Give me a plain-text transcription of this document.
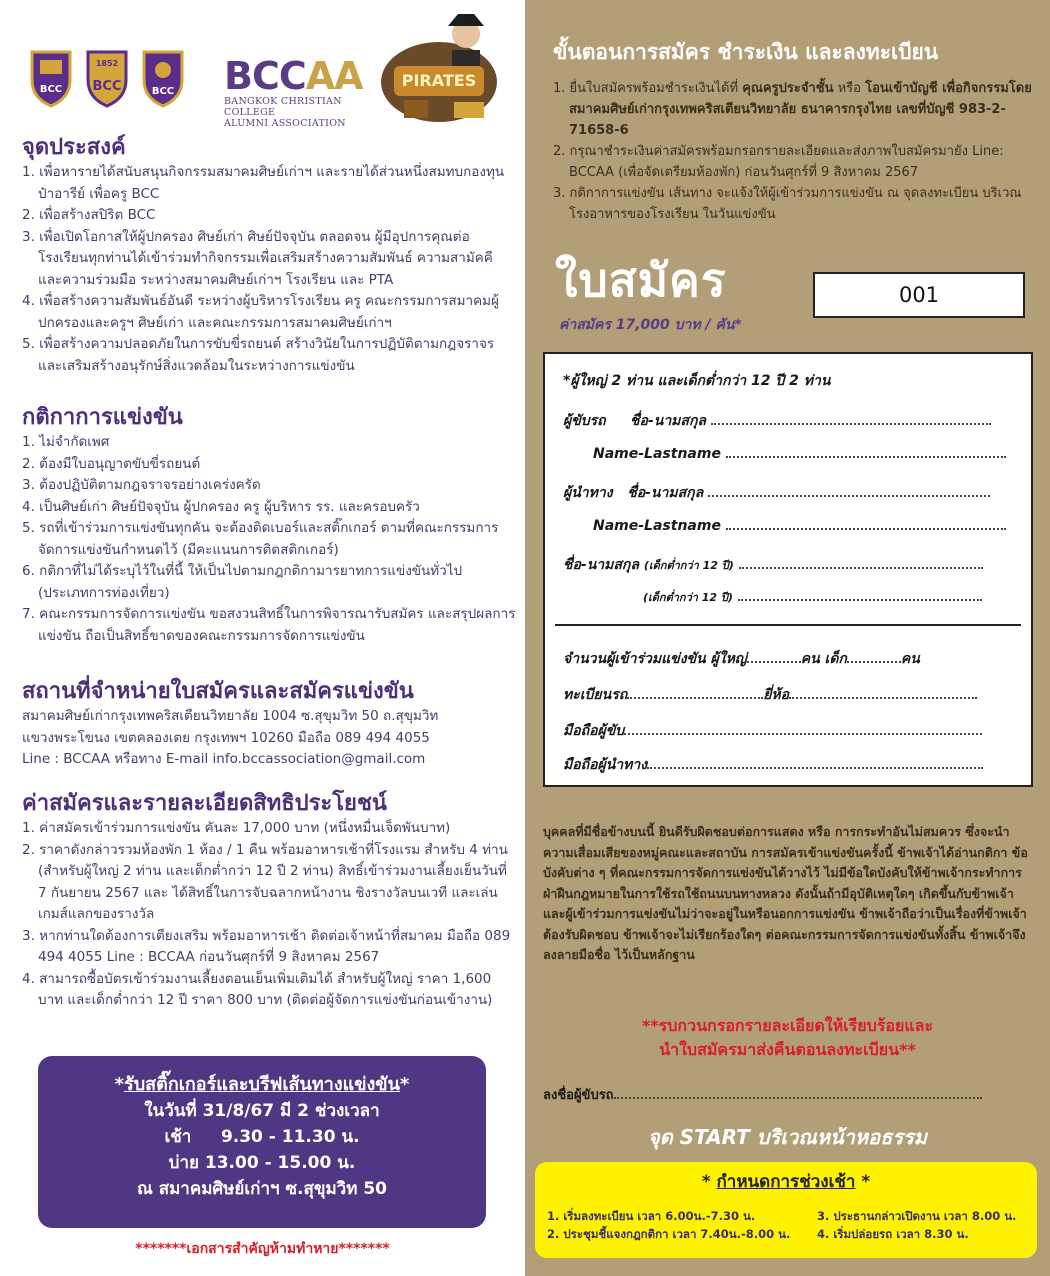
BCC
1852
BCC	BCC BCCAA
BANGKOK CHRISTIAN COLLEGE
ALUMNI ASSOCIATION
PIRATES
จุดประสงค์
1. เพื่อหารายได้สนับสนุนกิจกรรมสมาคมศิษย์เก่าฯ และรายได้ส่วนหนึ่งสมทบกองทุนป๋าอารีย์ เพื่อครู BCC
2. เพื่อสร้างสปิริต BCC
3. เพื่อเปิดโอกาสให้ผู้ปกครอง ศิษย์เก่า ศิษย์ปัจจุบัน ตลอดจน ผู้มีอุปการคุณต่อโรงเรียนทุกท่านได้เข้าร่วมทำกิจกรรมเพื่อเสริมสร้างความสัมพันธ์ ความสามัคคี และความร่วมมือ ระหว่างสมาคมศิษย์เก่าฯ โรงเรียน และ PTA
4. เพื่อสร้างความสัมพันธ์อันดี ระหว่างผู้บริหารโรงเรียน ครู คณะกรรมการสมาคมผู้ปกครองและครูฯ ศิษย์เก่า และคณะกรรมการสมาคมศิษย์เก่าฯ
5. เพื่อสร้างความปลอดภัยในการขับขี่รถยนต์ สร้างวินัยในการปฏิบัติตามกฎจราจรและเสริมสร้างอนุรักษ์สิ่งแวดล้อมในระหว่างการแข่งขัน
กติกาการแข่งขัน
1. ไม่จำกัดเพศ
2. ต้องมีใบอนุญาตขับขี่รถยนต์
3. ต้องปฏิบัติตามกฎจราจรอย่างเคร่งครัด
4. เป็นศิษย์เก่า ศิษย์ปัจจุบัน ผู้ปกครอง ครู ผู้บริหาร รร. และครอบครัว
5. รถที่เข้าร่วมการแข่งขันทุกคัน จะต้องติดเบอร์และสติ๊กเกอร์ ตามที่คณะกรรมการจัดการแข่งขันกำหนดไว้ (มีคะแนนการติดสติกเกอร์)
6. กติกาที่ไม่ได้ระบุไว้ในที่นี้ ให้เป็นไปตามกฎกติกามารยาทการแข่งขันทั่วไป (ประเภทการท่องเที่ยว)
7. คณะกรรมการจัดการแข่งขัน ขอสงวนสิทธิ์ในการพิจารณารับสมัคร และสรุปผลการแข่งขัน ถือเป็นสิทธิ์ขาดของคณะกรรมการจัดการแข่งขัน
สถานที่จำหน่ายใบสมัครและสมัครแข่งขัน
สมาคมศิษย์เก่ากรุงเทพคริสเตียนวิทยาลัย 1004 ซ.สุขุมวิท 50 ถ.สุขุมวิท
แขวงพระโขนง เขตคลองเตย กรุงเทพฯ 10260 มือถือ 089 494 4055
Line : BCCAA หรือทาง E-mail info.bccassociation@gmail.com
ค่าสมัครและรายละเอียดสิทธิประโยชน์
1. ค่าสมัครเข้าร่วมการแข่งขัน คันละ 17,000 บาท (หนึ่งหมื่นเจ็ดพันบาท)
2. ราคาดังกล่าวรวมห้องพัก 1 ห้อง / 1 คืน พร้อมอาหารเช้าที่โรงแรม สำหรับ 4 ท่าน (สำหรับผู้ใหญ่ 2 ท่าน และเด็กต่ำกว่า 12 ปี 2 ท่าน) สิทธิ์เข้าร่วมงานเลี้ยงเย็นวันที่ 7 กันยายน 2567 และ ได้สิทธิ์ในการจับฉลากหน้างาน ชิงรางวัลบนเวที และเล่นเกมส์แลกของรางวัล
3. หากท่านใดต้องการเตียงเสริม พร้อมอาหารเช้า ติดต่อเจ้าหน้าที่สมาคม มือถือ 089 494 4055 Line : BCCAA ก่อนวันศุกร์ที่ 9 สิงหาคม 2567
4. สามารถซื้อบัตรเข้าร่วมงานเลี้ยงตอนเย็นเพิ่มเติมได้ สำหรับผู้ใหญ่ ราคา 1,600 บาท และเด็กต่ำกว่า 12 ปี ราคา 800 บาท (ติดต่อผู้จัดการแข่งขันก่อนเข้างาน)
*รับสติ๊กเกอร์และบรีฟเส้นทางแข่งขัน*
ในวันที่ 31/8/67 มี 2 ช่วงเวลา
เช้า     9.30 - 11.30 น.
บ่าย 13.00 - 15.00 น.
ณ สมาคมศิษย์เก่าฯ ซ.สุขุมวิท 50
*******เอกสารสำคัญห้ามทำหาย*******
ขั้นตอนการสมัคร ชำระเงิน และลงทะเบียน
1. ยื่นใบสมัครพร้อมชำระเงินได้ที่ คุณครูประจำชั้น หรือ โอนเข้าบัญชี เพื่อกิจกรรมโดยสมาคมศิษย์เก่ากรุงเทพคริสเตียนวิทยาลัย ธนาคารกรุงไทย เลขที่บัญชี 983-2-71658-6
2. กรุณาชำระเงินค่าสมัครพร้อมกรอกรายละเอียดและส่งภาพใบสมัครมายัง Line: BCCAA (เพื่อจัดเตรียมห้องพัก) ก่อนวันศุกร์ที่ 9 สิงหาคม 2567
3. กติกาการแข่งขัน เส้นทาง จะแจ้งให้ผู้เข้าร่วมการแข่งขัน ณ จุดลงทะเบียน บริเวณโรงอาหารของโรงเรียน ในวันแข่งขัน
ใบสมัคร
ค่าสมัคร 17,000 บาท / คัน*
001
*ผู้ใหญ่ 2 ท่าน และเด็กต่ำกว่า 12 ปี 2 ท่าน
ผู้ขับรถ ชื่อ-นามสกุล
Name-Lastname
ผู้นำทาง ชื่อ-นามสกุล
Name-Lastname
ชื่อ-นามสกุล (เด็กต่ำกว่า 12 ปี)
(เด็กต่ำกว่า 12 ปี)
จำนวนผู้เข้าร่วมแข่งขัน ผู้ใหญ่	คน เด็ก	คน
ทะเบียนรถ	ยี่ห้อ
มือถือผู้ขับ
มือถือผู้นำทาง
บุคคลที่มีชื่อข้างบนนี้ ยินดีรับผิดชอบต่อการแสดง หรือ การกระทำอันไม่สมควร ซึ่งจะนำความเสื่อมเสียของหมู่คณะและสถาบัน การสมัครเข้าแข่งขันครั้งนี้ ข้าพเจ้าได้อ่านกติกา ข้อบังคับต่าง ๆ ที่คณะกรรมการจัดการแข่งขันได้วางไว้ ไม่มีข้อใดบังคับให้ข้าพเจ้ากระทำการฝ่าฝืนกฎหมายในการใช้รถใช้ถนนบนทางหลวง ดังนั้นถ้ามีอุบัติเหตุใดๆ เกิดขึ้นกับข้าพเจ้าและผู้เข้าร่วมการแข่งขันไม่ว่าจะอยู่ในหรือนอกการแข่งขัน ข้าพเจ้าถือว่าเป็นเรื่องที่ข้าพเจ้าต้องรับผิดชอบ ข้าพเจ้าจะไม่เรียกร้องใดๆ ต่อคณะกรรมการจัดการแข่งขันทั้งสิ้น ข้าพเจ้าจึงลงลายมือชื่อ ไว้เป็นหลักฐาน
**รบกวนกรอกรายละเอียดให้เรียบร้อยและ
นำใบสมัครมาส่งคืนตอนลงทะเบียน**
ลงชื่อผู้ขับรถ
จุด START บริเวณหน้าหอธรรม
* กำหนดการช่วงเช้า *
1. เริ่มลงทะเบียน เวลา 6.00น.-7.30 น.
2. ประชุมชี้แจงกฎกติกา เวลา 7.40น.-8.00 น.
3. ประธานกล่าวเปิดงาน เวลา 8.00 น.
4. เริ่มปล่อยรถ เวลา 8.30 น.
